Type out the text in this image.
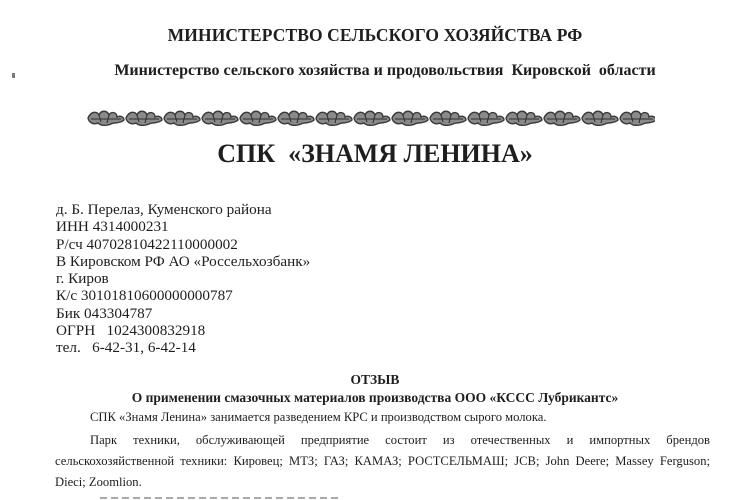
МИНИСТЕРСТВО СЕЛЬСКОГО ХОЗЯЙСТВА РФ
Министерство сельского хозяйства и продовольствия  Кировской  области
СПК  «ЗНАМЯ ЛЕНИНА»
д. Б. Перелаз, Куменского района
ИНН 4314000231
Р/сч 40702810422110000002
В Кировском РФ АО «Россельхозбанк»
г. Киров
К/с 30101810600000000787
Бик 043304787
ОГРН   1024300832918
тел.   6-42-31, 6-42-14
ОТЗЫВ
О применении смазочных материалов производства ООО «КССС Лубрикантс»
СПК «Знамя Ленина» занимается разведением КРС и производством сырого молока.
Парк техники, обслуживающей предприятие состоит из отечественных и импортных брендов сельскохозяйственной техники: Кировец; МТЗ; ГАЗ; КАМАЗ; РОСТСЕЛЬМАШ; JCB; John Deere; Massey Ferguson; Dieci; Zoomlion.
